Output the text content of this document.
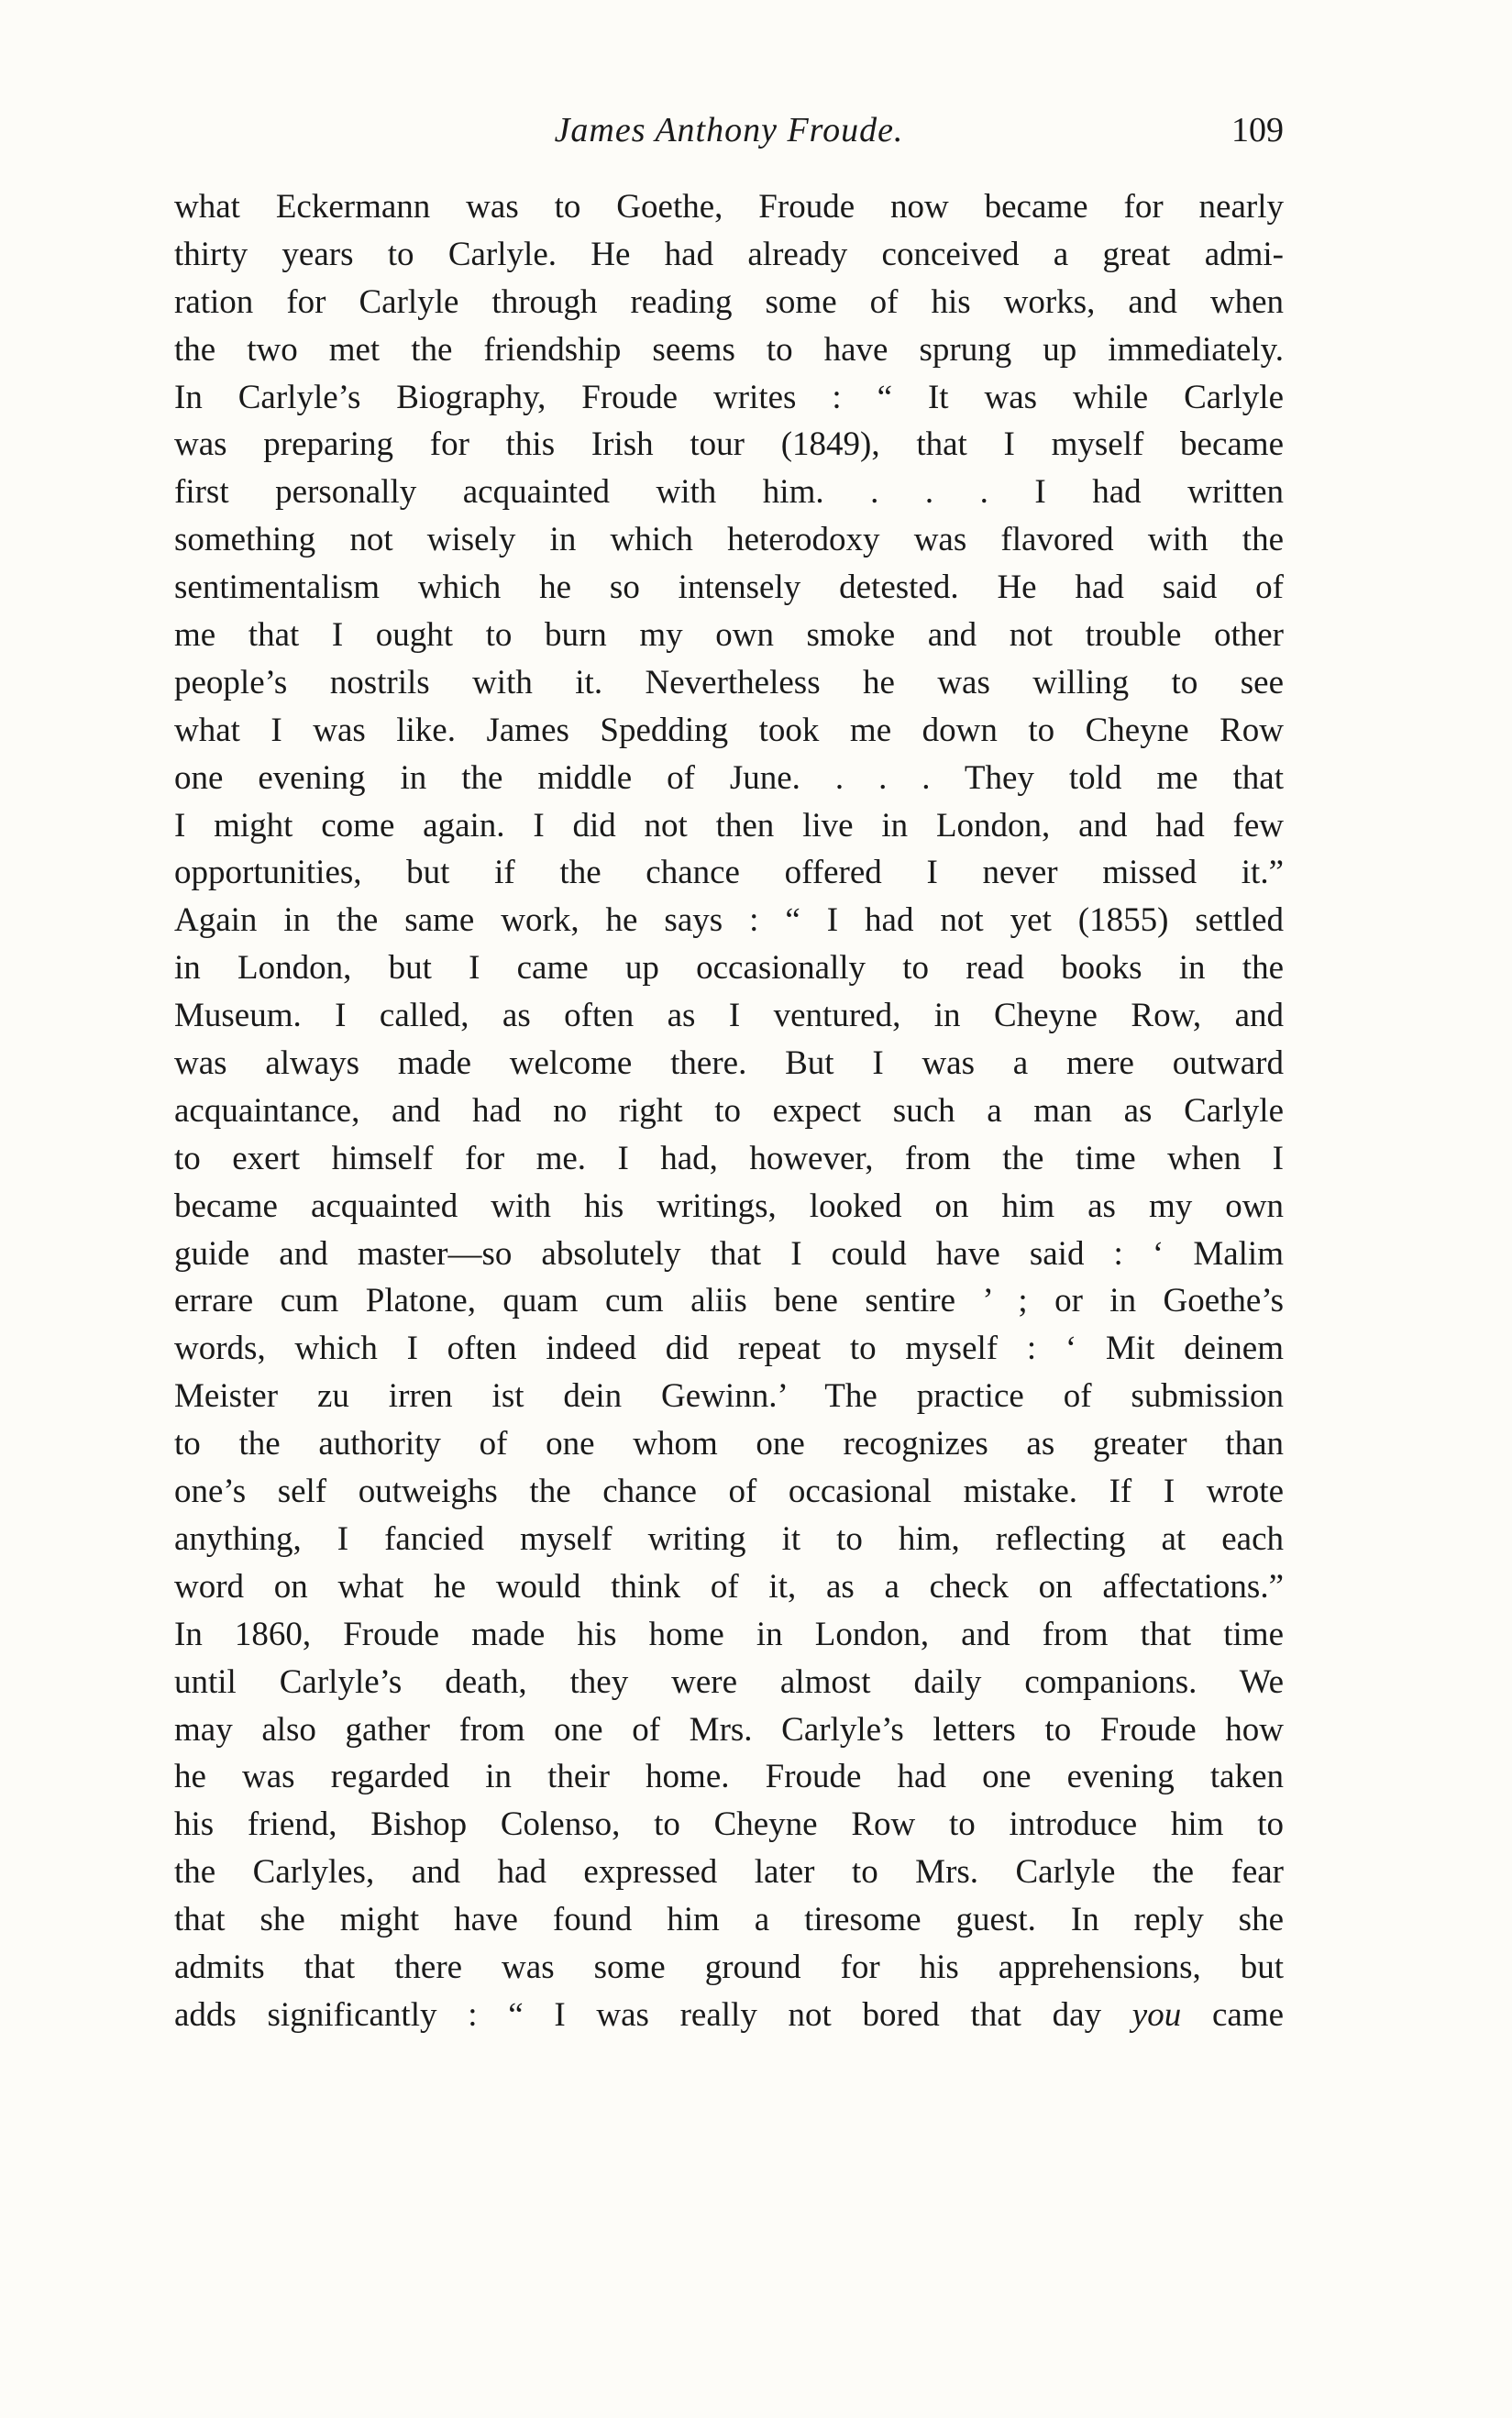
James Anthony Froude.	109
what Eckermann was to Goethe, Froude now became for nearly
thirty years to Carlyle. He had already conceived a great admi-
ration for Carlyle through reading some of his works, and when
the two met the friendship seems to have sprung up immediately.
In Carlyle’s Biography, Froude writes : “ It was while Carlyle
was preparing for this Irish tour (1849), that I myself became
first personally acquainted with him. . . . I had written
something not wisely in which heterodoxy was flavored with the
sentimentalism which he so intensely detested. He had said of
me that I ought to burn my own smoke and not trouble other
people’s nostrils with it. Nevertheless he was willing to see
what I was like. James Spedding took me down to Cheyne Row
one evening in the middle of June. . . . They told me that
I might come again. I did not then live in London, and had few
opportunities, but if the chance offered I never missed it.”
Again in the same work, he says : “ I had not yet (1855) settled
in London, but I came up occasionally to read books in the
Museum. I called, as often as I ventured, in Cheyne Row, and
was always made welcome there. But I was a mere outward
acquaintance, and had no right to expect such a man as Carlyle
to exert himself for me. I had, however, from the time when I
became acquainted with his writings, looked on him as my own
guide and master—so absolutely that I could have said : ‘ Malim
errare cum Platone, quam cum aliis bene sentire ’ ; or in Goethe’s
words, which I often indeed did repeat to myself : ‘ Mit deinem
Meister zu irren ist dein Gewinn.’ The practice of submission
to the authority of one whom one recognizes as greater than
one’s self outweighs the chance of occasional mistake. If I wrote
anything, I fancied myself writing it to him, reflecting at each
word on what he would think of it, as a check on affectations.”
In 1860, Froude made his home in London, and from that time
until Carlyle’s death, they were almost daily companions. We
may also gather from one of Mrs. Carlyle’s letters to Froude how
he was regarded in their home. Froude had one evening taken
his friend, Bishop Colenso, to Cheyne Row to introduce him to
the Carlyles, and had expressed later to Mrs. Carlyle the fear
that she might have found him a tiresome guest. In reply she
admits that there was some ground for his apprehensions, but
adds significantly : “ I was really not bored that day you came
